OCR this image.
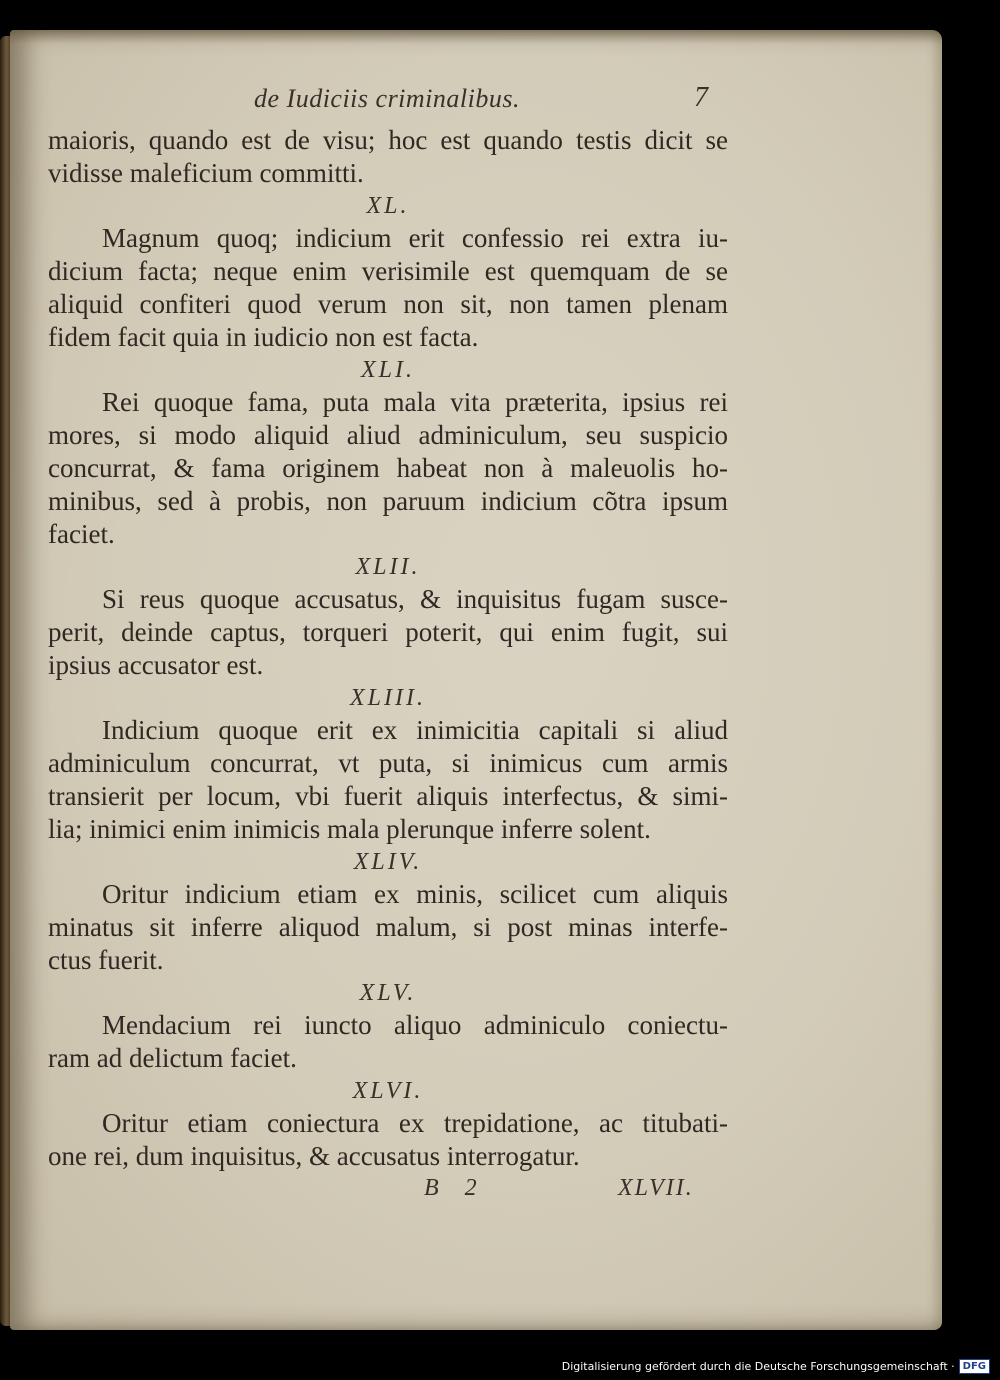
de Iudiciis criminalibus.	7

maioris, quando est de visu; hoc est quando testis dicit se
vidisse maleficium committi.

XL.

Magnum quoq; indicium erit confessio rei extra iu-
dicium facta; neque enim verisimile est quemquam de se
aliquid confiteri quod verum non sit, non tamen plenam
fidem facit quia in iudicio non est facta.

XLI.

Rei quoque fama, puta mala vita præterita, ipsius rei
mores, si modo aliquid aliud adminiculum, seu suspicio
concurrat, & fama originem habeat non à maleuolis ho-
minibus, sed à probis, non paruum indicium cõtra ipsum
faciet.

XLII.

Si reus quoque accusatus, & inquisitus fugam susce-
perit, deinde captus, torqueri poterit, qui enim fugit, sui
ipsius accusator est.

XLIII.

Indicium quoque erit ex inimicitia capitali si aliud
adminiculum concurrat, vt puta, si inimicus cum armis
transierit per locum, vbi fuerit aliquis interfectus, & simi-
lia; inimici enim inimicis mala plerunque inferre solent.

XLIV.

Oritur indicium etiam ex minis, scilicet cum aliquis
minatus sit inferre aliquod malum, si post minas interfe-
ctus fuerit.

XLV.

Mendacium rei iuncto aliquo adminiculo coniectu-
ram ad delictum faciet.

XLVI.

Oritur etiam coniectura ex trepidatione, ac titubati-
one rei, dum inquisitus, & accusatus interrogatur.

B 2	XLVII.
Digitalisierung gefördert durch die Deutsche Forschungsgemeinschaft · DFG
